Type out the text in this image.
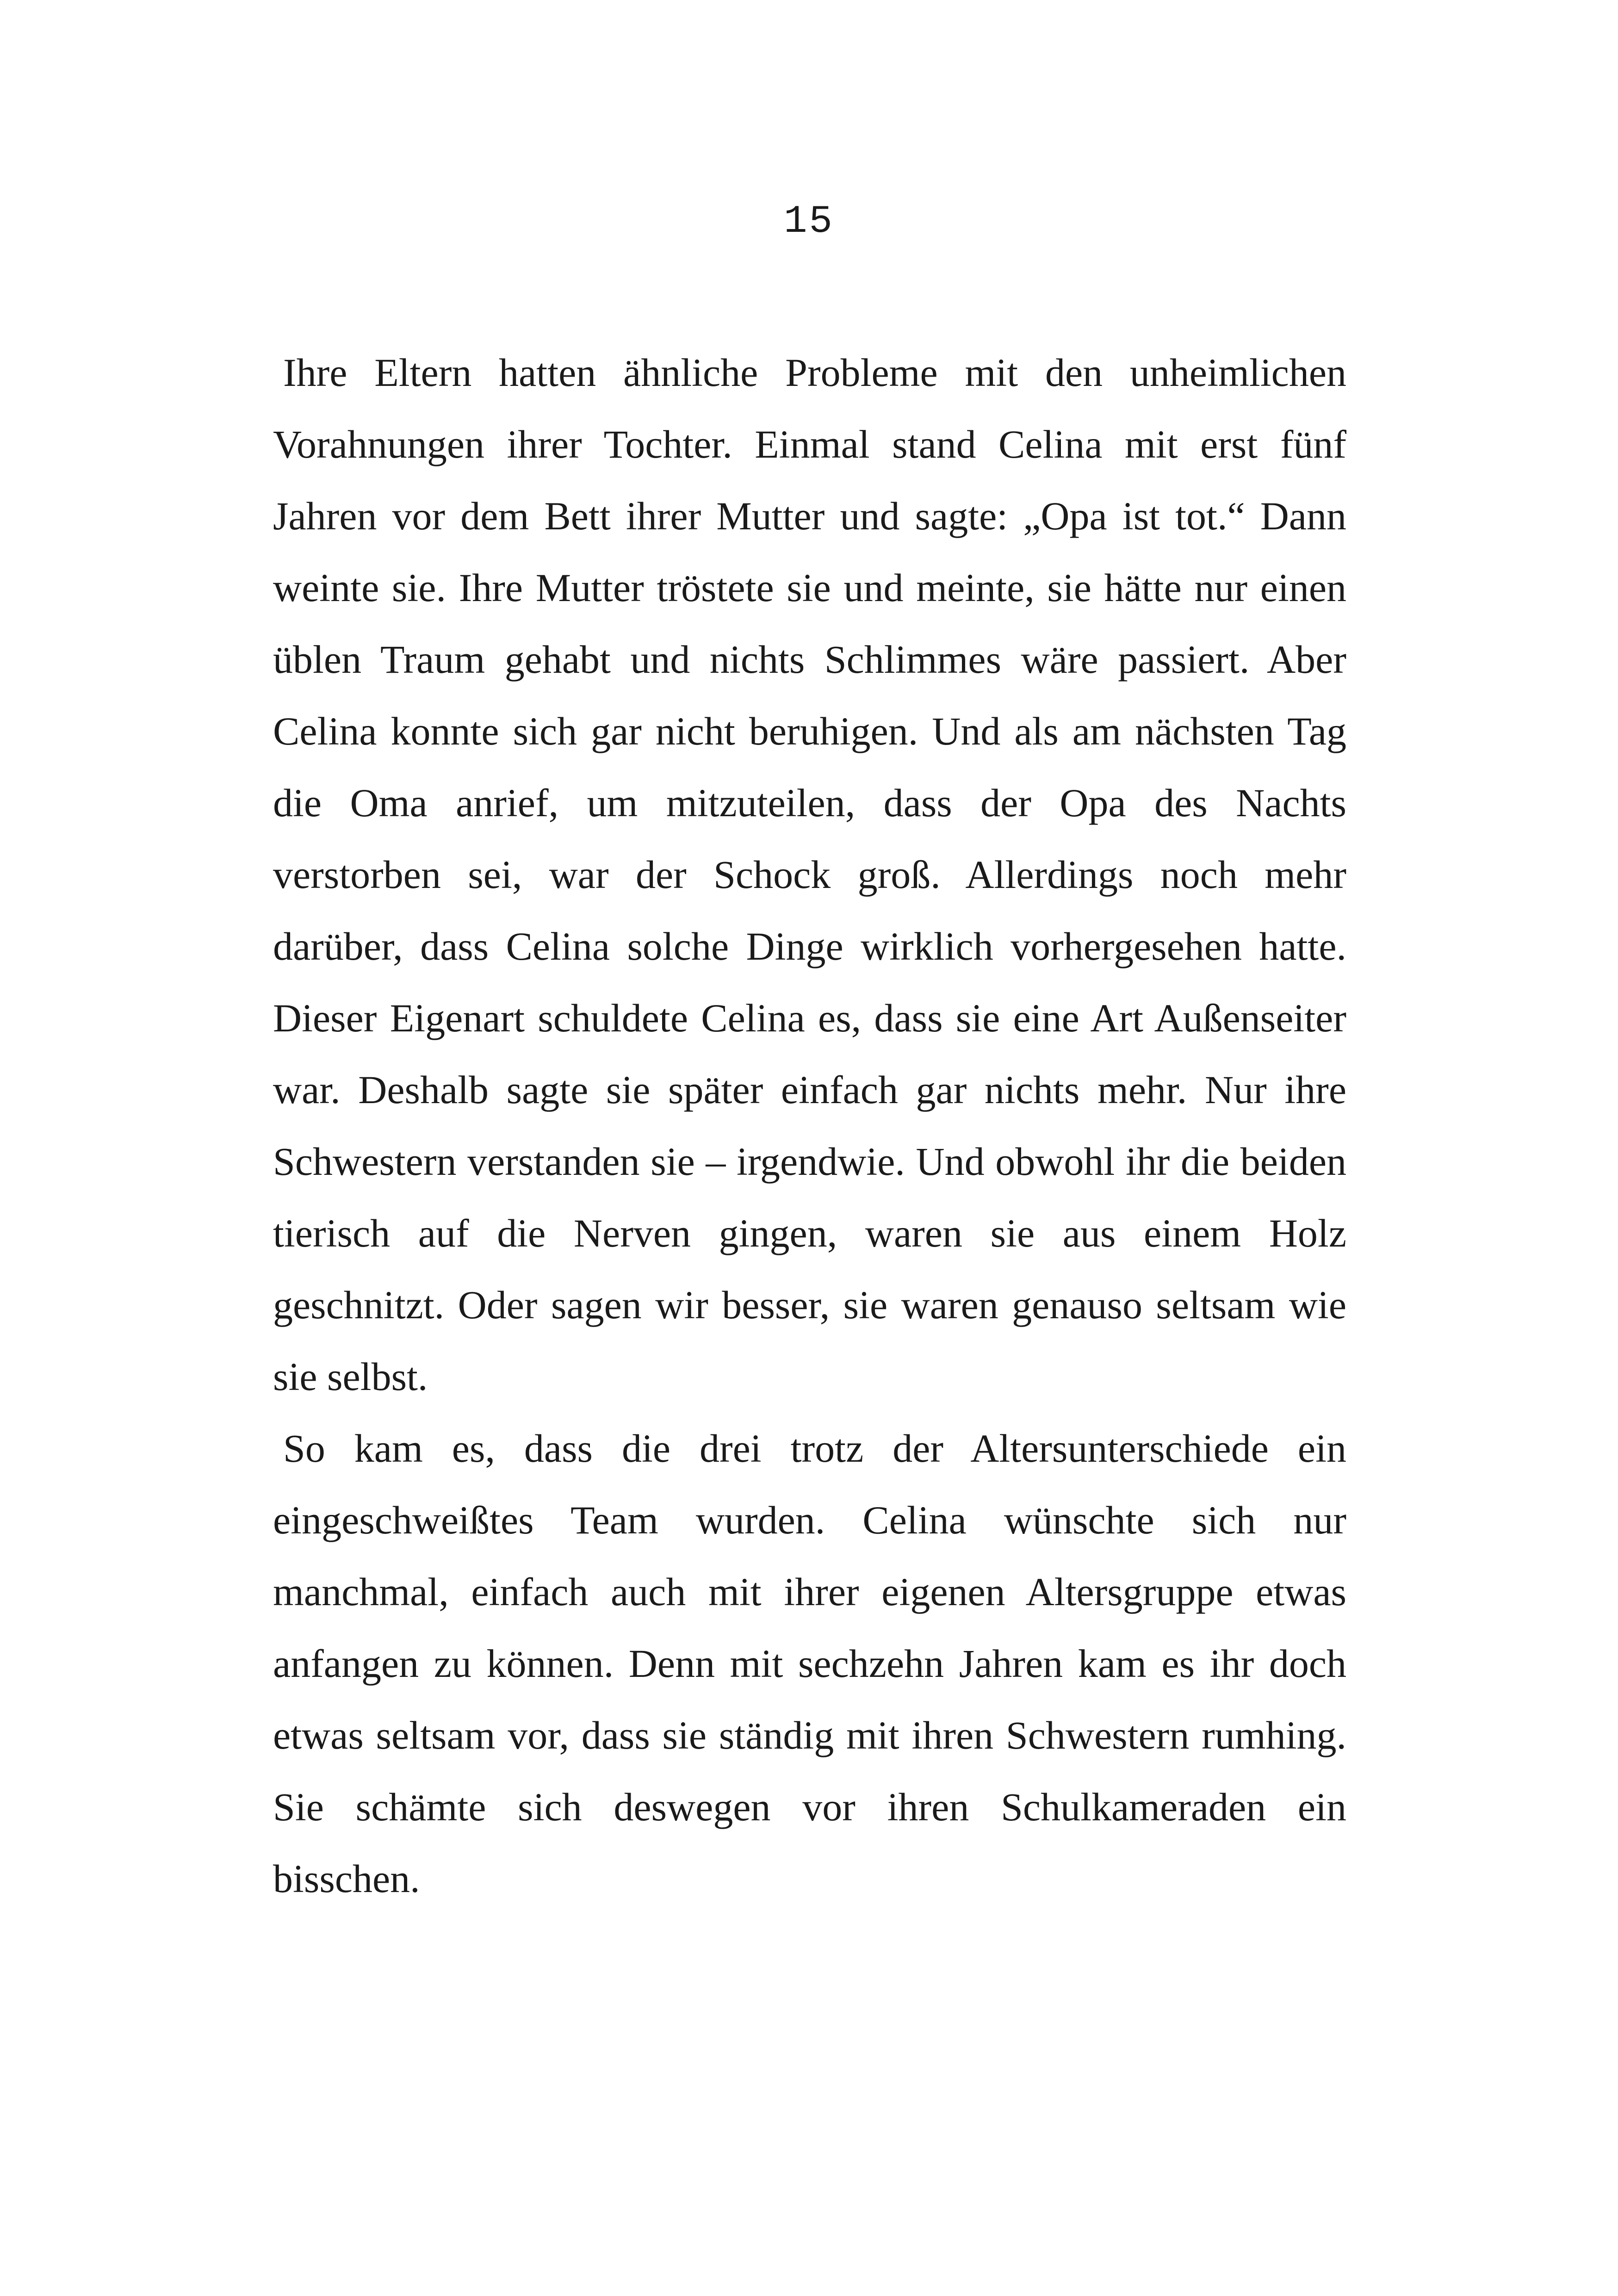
15
Ihre Eltern hatten ähnliche Probleme mit den unheimlichen
Vorahnungen ihrer Tochter. Einmal stand Celina mit erst fünf
Jahren vor dem Bett ihrer Mutter und sagte: „Opa ist tot.“ Dann
weinte sie. Ihre Mutter tröstete sie und meinte, sie hätte nur einen
üblen Traum gehabt und nichts Schlimmes wäre passiert. Aber
Celina konnte sich gar nicht beruhigen. Und als am nächsten Tag
die Oma anrief, um mitzuteilen, dass der Opa des Nachts
verstorben sei, war der Schock groß. Allerdings noch mehr
darüber, dass Celina solche Dinge wirklich vorhergesehen hatte.
Dieser Eigenart schuldete Celina es, dass sie eine Art Außenseiter
war. Deshalb sagte sie später einfach gar nichts mehr. Nur ihre
Schwestern verstanden sie – irgendwie. Und obwohl ihr die beiden
tierisch auf die Nerven gingen, waren sie aus einem Holz
geschnitzt. Oder sagen wir besser, sie waren genauso seltsam wie
sie selbst.
So kam es, dass die drei trotz der Altersunterschiede ein
eingeschweißtes Team wurden. Celina wünschte sich nur
manchmal, einfach auch mit ihrer eigenen Altersgruppe etwas
anfangen zu können. Denn mit sechzehn Jahren kam es ihr doch
etwas seltsam vor, dass sie ständig mit ihren Schwestern rumhing.
Sie schämte sich deswegen vor ihren Schulkameraden ein
bisschen.
